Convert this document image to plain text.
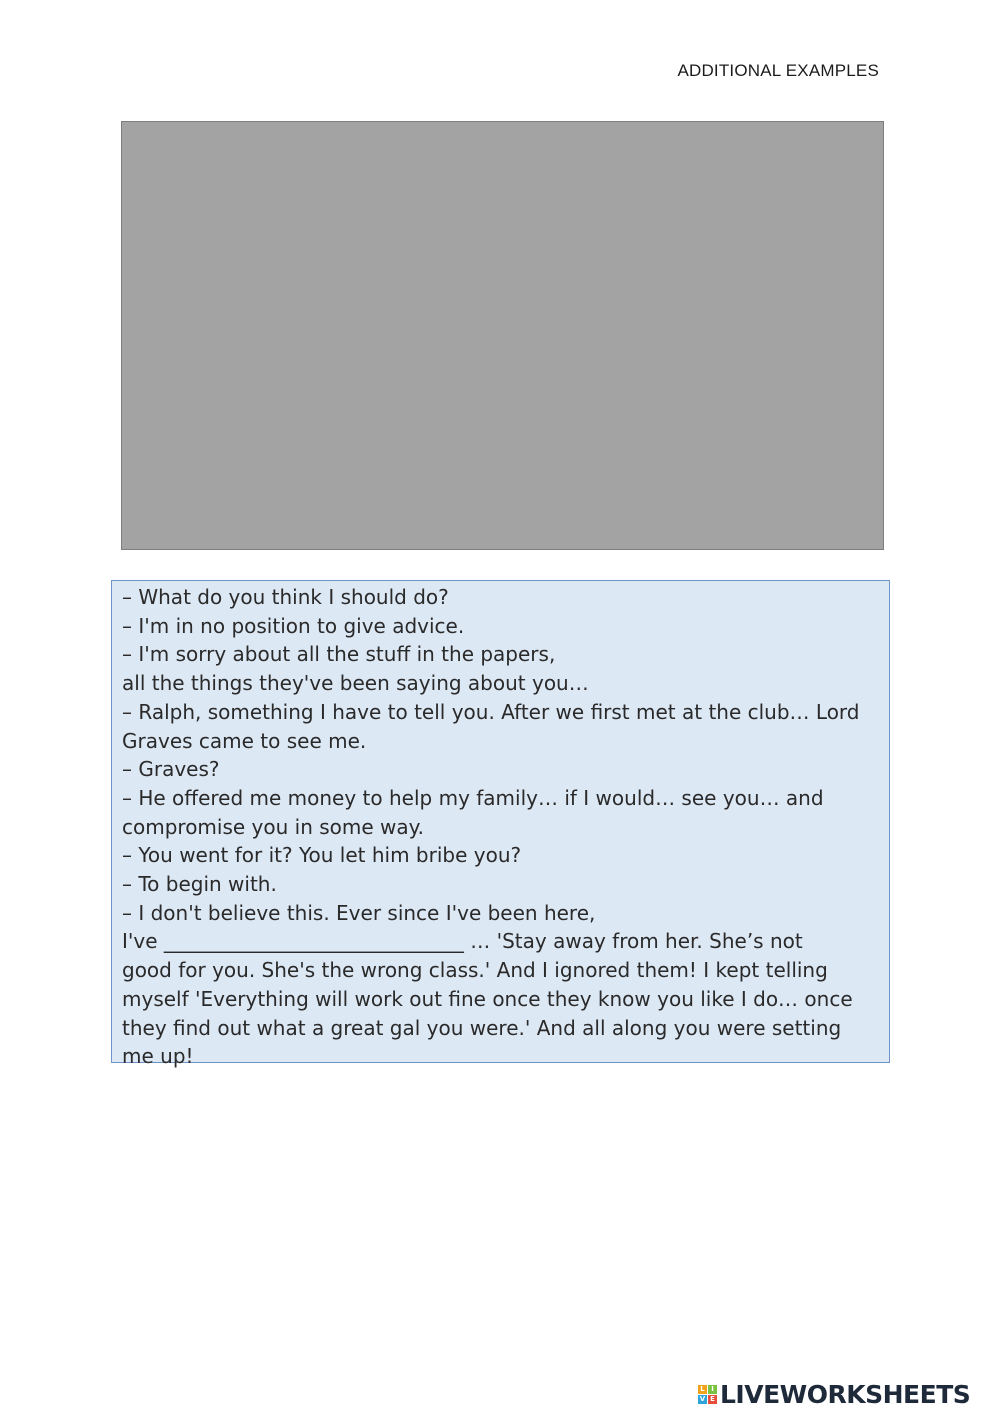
ADDITIONAL EXAMPLES
– What do you think I should do?
– I'm in no position to give advice.
– I'm sorry about all the stuff in the papers,
all the things they've been saying about you…
– Ralph, something I have to tell you. After we first met at the club… Lord
Graves came to see me.
– Graves?
– He offered me money to help my family… if I would… see you… and
compromise you in some way.
– You went for it? You let him bribe you?
– To begin with.
– I don't believe this. Ever since I've been here,
I've ______________________________ … 'Stay away from her. She’s not
good for you. She's the wrong class.' And I ignored them! I kept telling
myself 'Everything will work out fine once they know you like I do… once
they find out what a great gal you were.' And all along you were setting
me up!
L I
V E LIVEWORKSHEETS
